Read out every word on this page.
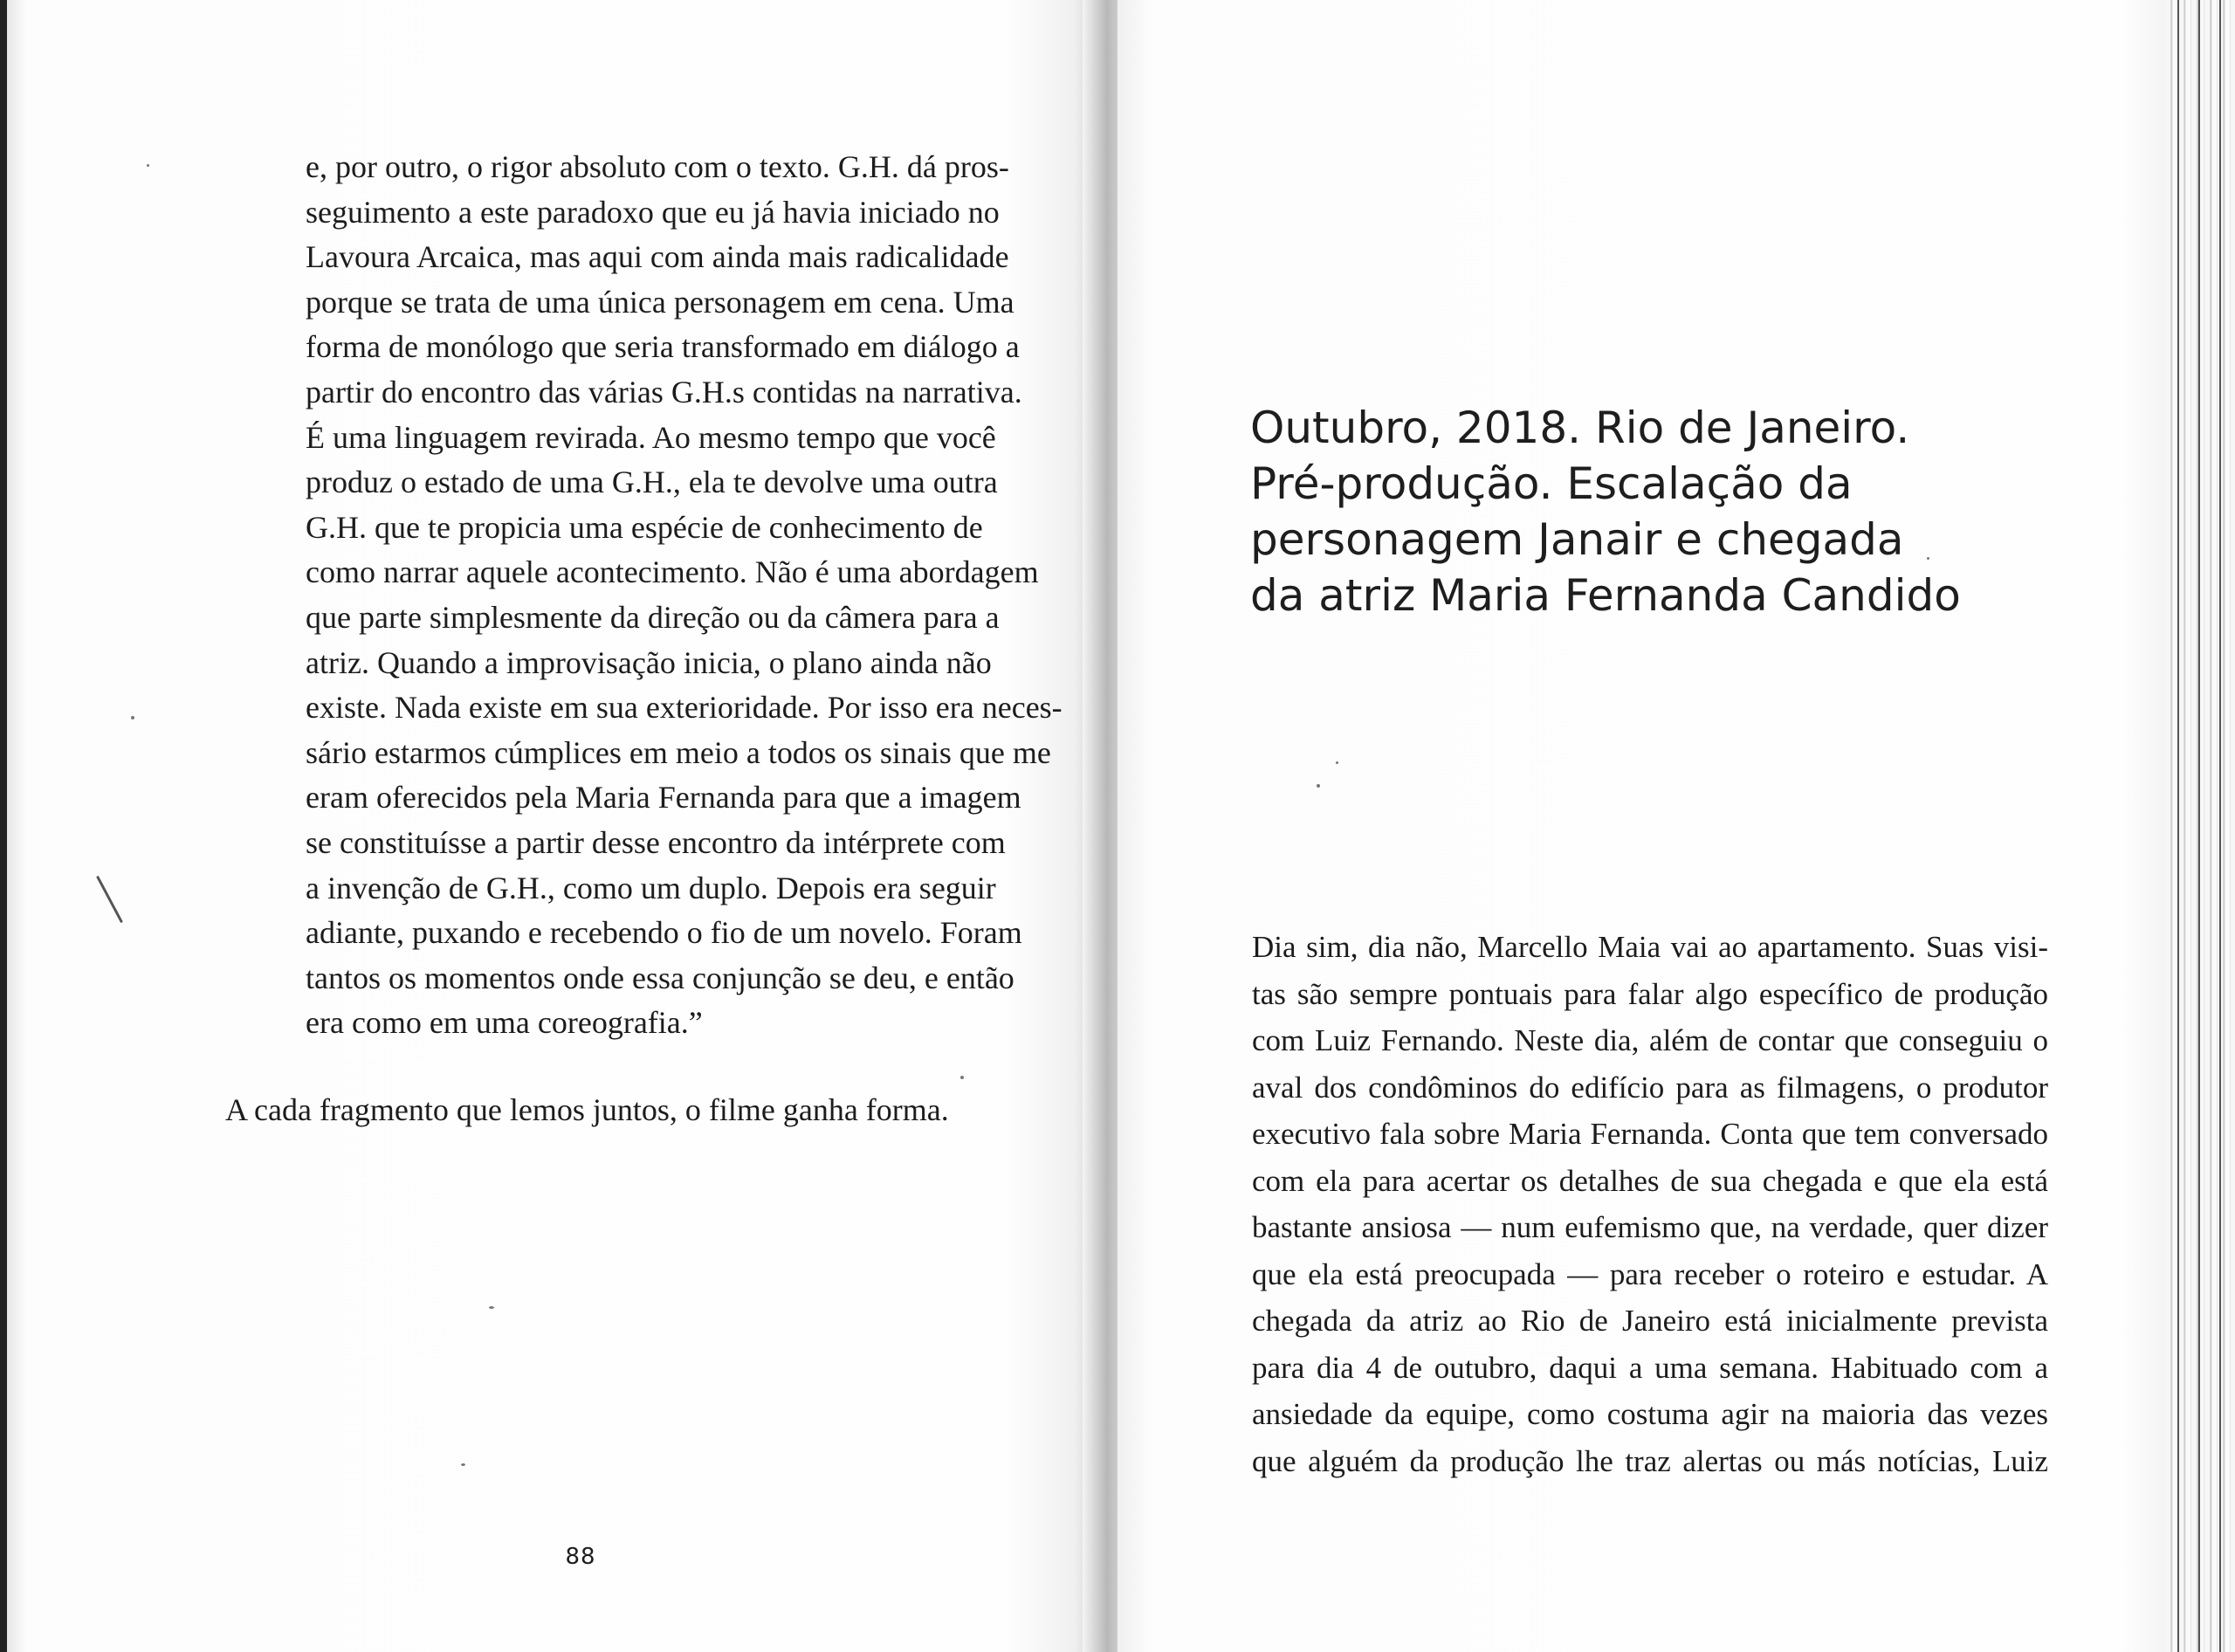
e, por outro, o rigor absoluto com o texto. G.H. dá pros-
seguimento a este paradoxo que eu já havia iniciado no
Lavoura Arcaica, mas aqui com ainda mais radicalidade
porque se trata de uma única personagem em cena. Uma
forma de monólogo que seria transformado em diálogo a
partir do encontro das várias G.H.s contidas na narrativa.
É uma linguagem revirada. Ao mesmo tempo que você
produz o estado de uma G.H., ela te devolve uma outra
G.H. que te propicia uma espécie de conhecimento de
como narrar aquele acontecimento. Não é uma abordagem
que parte simplesmente da direção ou da câmera para a
atriz. Quando a improvisação inicia, o plano ainda não
existe. Nada existe em sua exterioridade. Por isso era neces-
sário estarmos cúmplices em meio a todos os sinais que me
eram oferecidos pela Maria Fernanda para que a imagem
se constituísse a partir desse encontro da intérprete com
a invenção de G.H., como um duplo. Depois era seguir
adiante, puxando e recebendo o fio de um novelo. Foram
tantos os momentos onde essa conjunção se deu, e então
era como em uma coreografia.”

A cada fragmento que lemos juntos, o filme ganha forma.

88
Outubro, 2018. Rio de Janeiro.
Pré-produção. Escalação da
personagem Janair e chegada
da atriz Maria Fernanda Candido
Dia sim, dia não, Marcello Maia vai ao apartamento. Suas visi-
tas são sempre pontuais para falar algo específico de produção
com Luiz Fernando. Neste dia, além de contar que conseguiu o
aval dos condôminos do edifício para as filmagens, o produtor
executivo fala sobre Maria Fernanda. Conta que tem conversado
com ela para acertar os detalhes de sua chegada e que ela está
bastante ansiosa — num eufemismo que, na verdade, quer dizer
que ela está preocupada — para receber o roteiro e estudar. A
chegada da atriz ao Rio de Janeiro está inicialmente prevista
para dia 4 de outubro, daqui a uma semana. Habituado com a
ansiedade da equipe, como costuma agir na maioria das vezes
que alguém da produção lhe traz alertas ou más notícias, Luiz
